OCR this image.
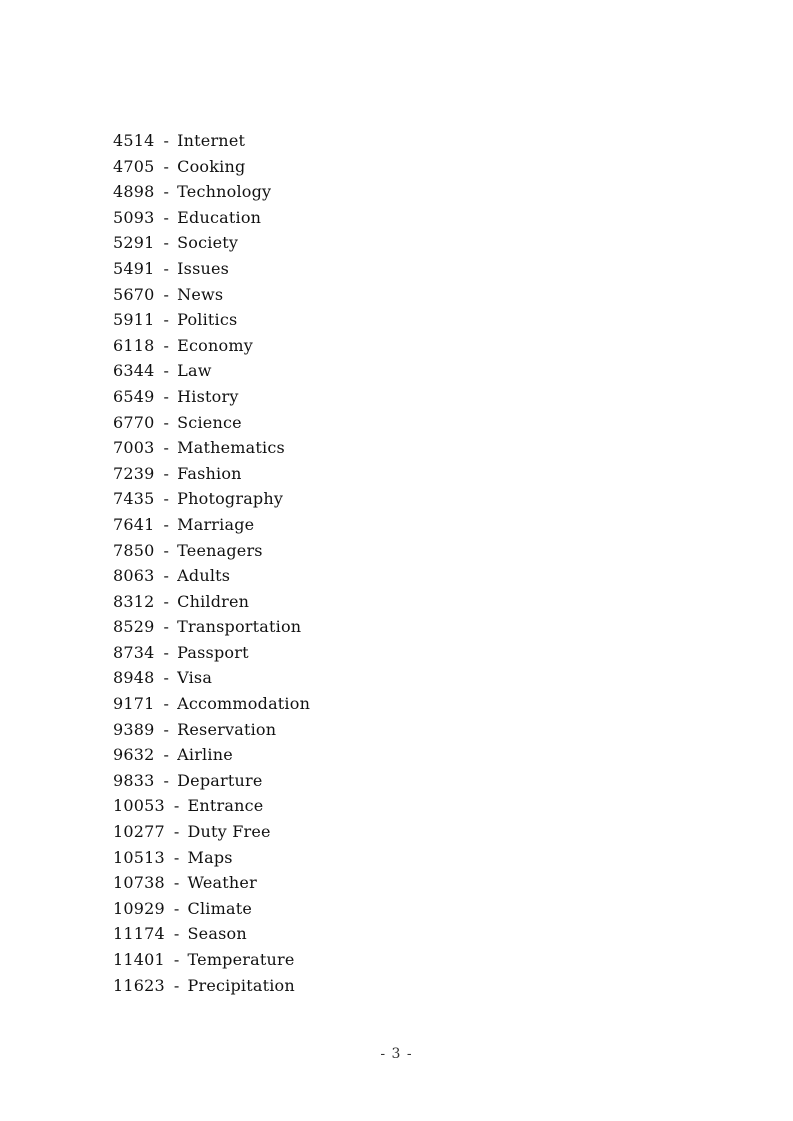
4514 - Internet
4705 - Cooking
4898 - Technology
5093 - Education
5291 - Society
5491 - Issues
5670 - News
5911 - Politics
6118 - Economy
6344 - Law
6549 - History
6770 - Science
7003 - Mathematics
7239 - Fashion
7435 - Photography
7641 - Marriage
7850 - Teenagers
8063 - Adults
8312 - Children
8529 - Transportation
8734 - Passport
8948 - Visa
9171 - Accommodation
9389 - Reservation
9632 - Airline
9833 - Departure
10053 - Entrance
10277 - Duty Free
10513 - Maps
10738 - Weather
10929 - Climate
11174 - Season
11401 - Temperature
11623 - Precipitation
- 3 -
